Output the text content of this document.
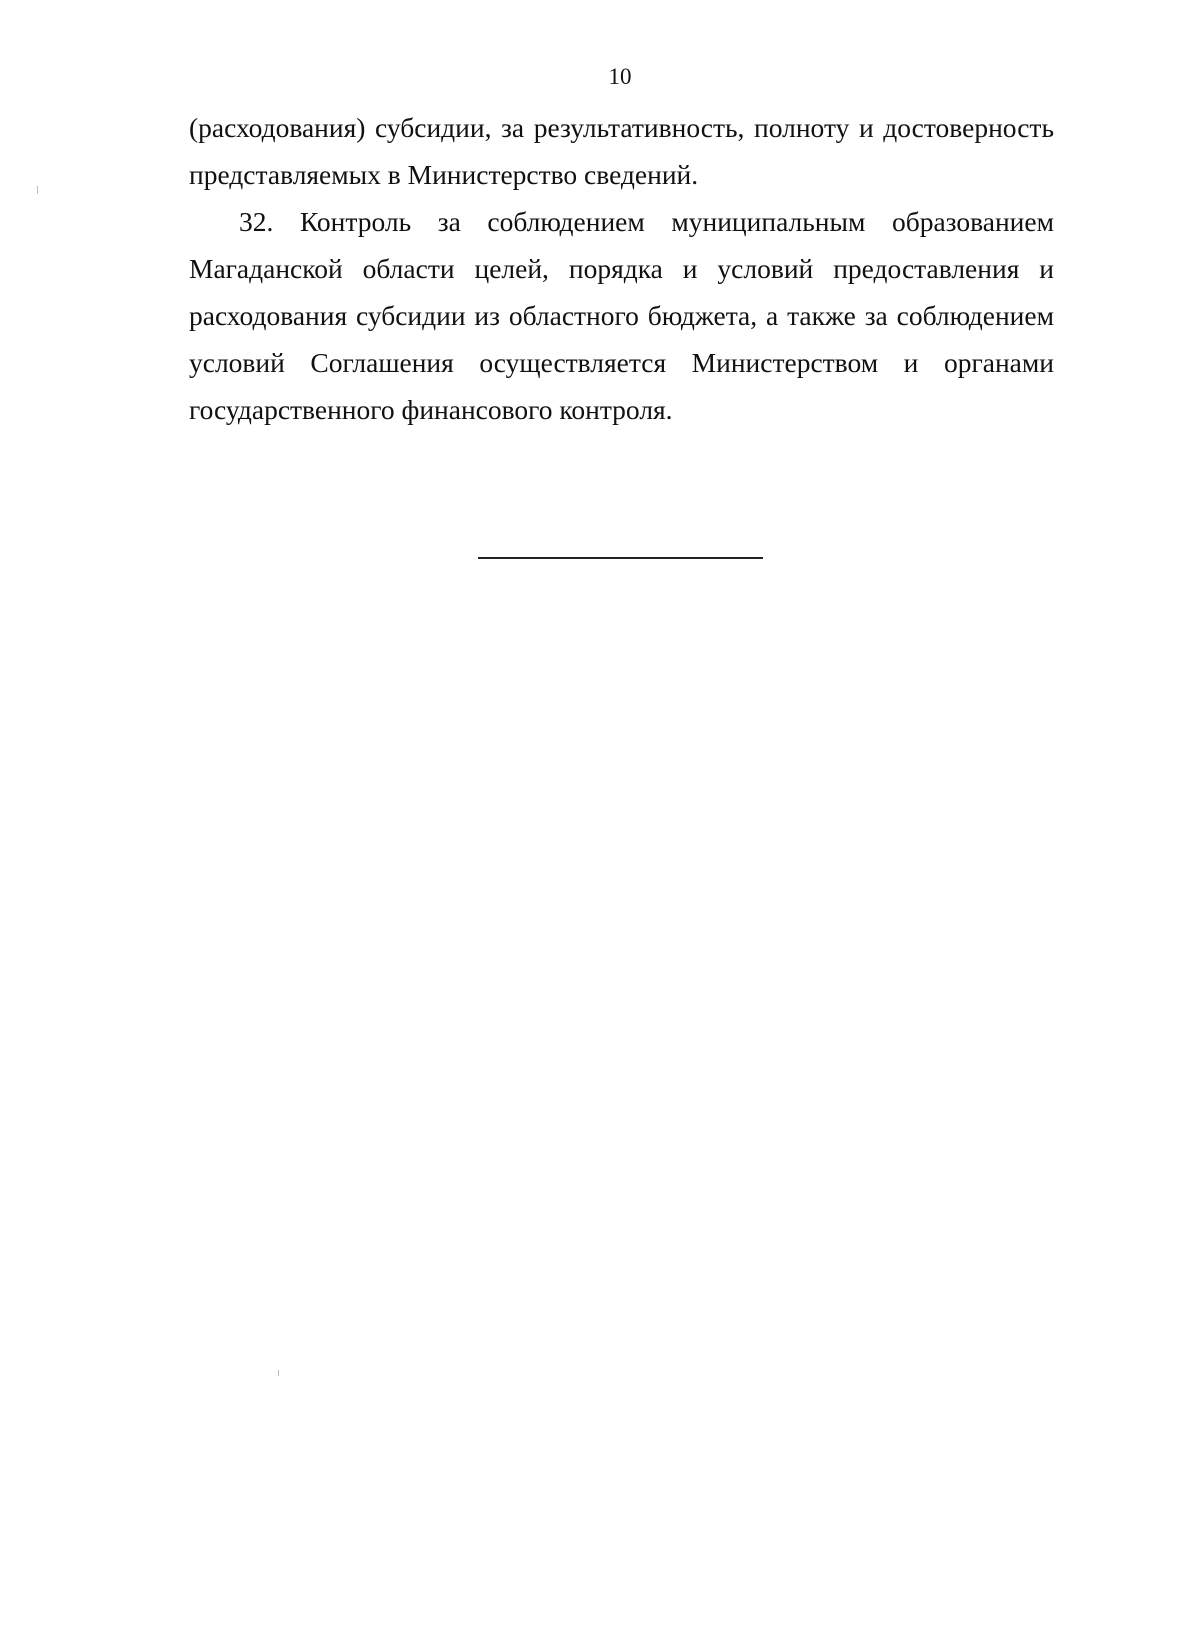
10
(расходования) субсидии, за результативность, полноту и достоверность
представляемых в Министерство сведений.
32. Контроль за соблюдением муниципальным образованием
Магаданской области целей, порядка и условий предоставления и
расходования субсидии из областного бюджета, а также за соблюдением
условий Соглашения осуществляется Министерством и органами
государственного финансового контроля.
